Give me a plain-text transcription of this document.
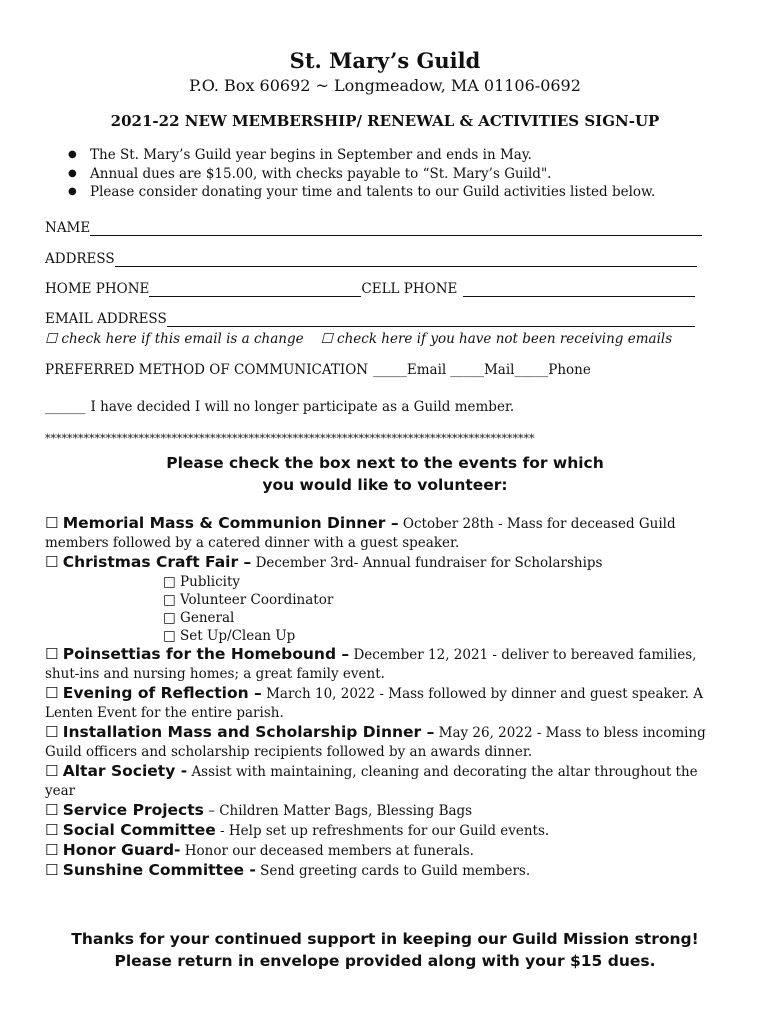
St. Mary’s Guild
P.O. Box 60692 ~ Longmeadow, MA 01106-0692
2021-22 NEW MEMBERSHIP/ RENEWAL & ACTIVITIES SIGN-UP
● The St. Mary’s Guild year begins in September and ends in May.
● Annual dues are $15.00, with checks payable to “St. Mary’s Guild".
● Please consider donating your time and talents to our Guild activities listed below.
NAME
ADDRESS
HOME PHONE	CELL PHONE
EMAIL ADDRESS
☐ check here if this email is a change ☐ check here if you have not been receiving emails
PREFERRED METHOD OF COMMUNICATION _____Email _____Mail _____Phone
______ I have decided I will no longer participate as a Guild member.
*****************************************************************************************
Please check the box next to the events for which
you would like to volunteer:

☐ Memorial Mass & Communion Dinner – October 28th - Mass for deceased Guild members followed by a catered dinner with a guest speaker.

☐ Christmas Craft Fair – December 3rd- Annual fundraiser for Scholarships

□ Publicity
□ Volunteer Coordinator
□ General
□ Set Up/Clean Up

☐ Poinsettias for the Homebound – December 12, 2021 - deliver to bereaved families, shut-ins and nursing homes; a great family event.

☐ Evening of Reflection – March 10, 2022 - Mass followed by dinner and guest speaker. A Lenten Event for the entire parish.

☐ Installation Mass and Scholarship Dinner – May 26, 2022 - Mass to bless incoming Guild officers and scholarship recipients followed by an awards dinner.

☐ Altar Society - Assist with maintaining, cleaning and decorating the altar throughout the year

☐ Service Projects – Children Matter Bags, Blessing Bags

☐ Social Committee - Help set up refreshments for our Guild events.

☐ Honor Guard- Honor our deceased members at funerals.

☐ Sunshine Committee - Send greeting cards to Guild members.

Thanks for your continued support in keeping our Guild Mission strong!
Please return in envelope provided along with your $15 dues.
